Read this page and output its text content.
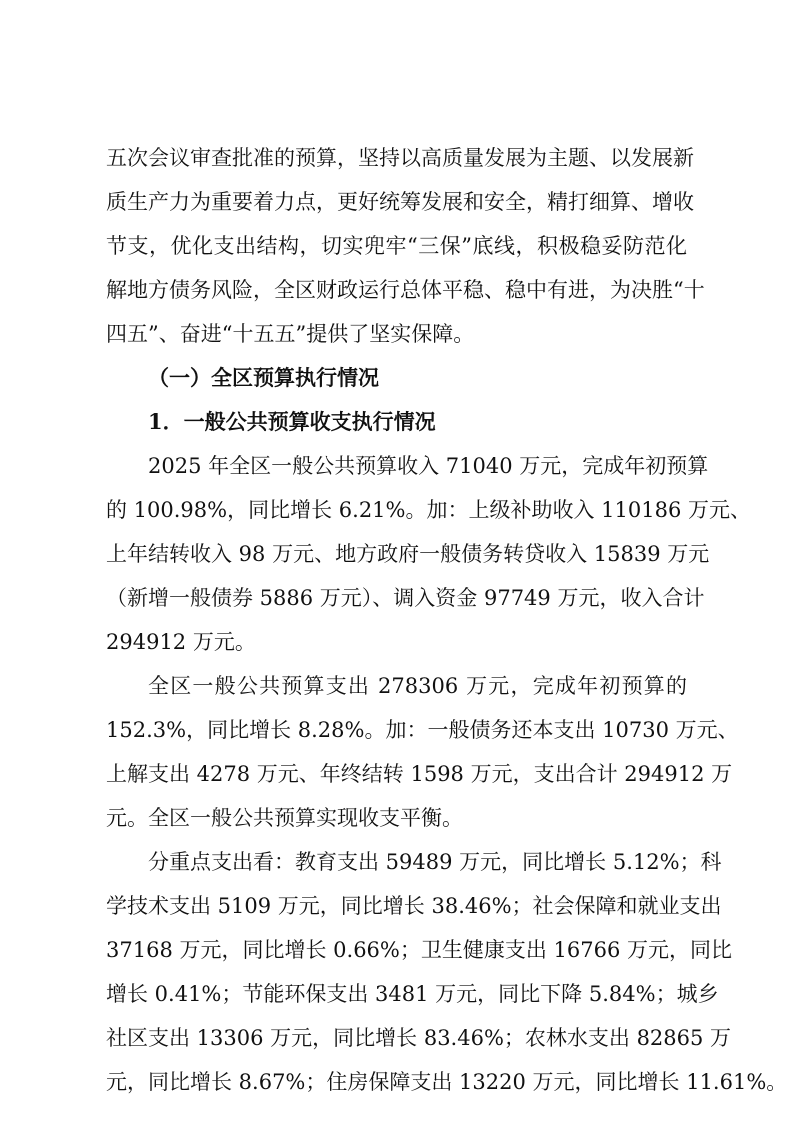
五次会议审查批准的预算，坚持以高质量发展为主题、以发展新
质生产力为重要着力点，更好统筹发展和安全，精打细算、增收
节支，优化支出结构，切实兜牢“三保”底线，积极稳妥防范化
解地方债务风险，全区财政运行总体平稳、稳中有进，为决胜“十
四五”、奋进“十五五”提供了坚实保障。
（一）全区预算执行情况
1．一般公共预算收支执行情况
2025 年全区一般公共预算收入 71040 万元，完成年初预算
的 100.98%，同比增长 6.21%。加：上级补助收入 110186 万元、
上年结转收入 98 万元、地方政府一般债务转贷收入 15839 万元
（新增一般债券 5886 万元）、调入资金 97749 万元，收入合计
294912 万元。
全区一般公共预算支出 278306 万元，完成年初预算的
152.3%，同比增长 8.28%。加：一般债务还本支出 10730 万元、
上解支出 4278 万元、年终结转 1598 万元，支出合计 294912 万
元。全区一般公共预算实现收支平衡。
分重点支出看：教育支出 59489 万元，同比增长 5.12%；科
学技术支出 5109 万元，同比增长 38.46%；社会保障和就业支出
37168 万元，同比增长 0.66%；卫生健康支出 16766 万元，同比
增长 0.41%；节能环保支出 3481 万元，同比下降 5.84%；城乡
社区支出 13306 万元，同比增长 83.46%；农林水支出 82865 万
元，同比增长 8.67%；住房保障支出 13220 万元，同比增长 11.61%。
